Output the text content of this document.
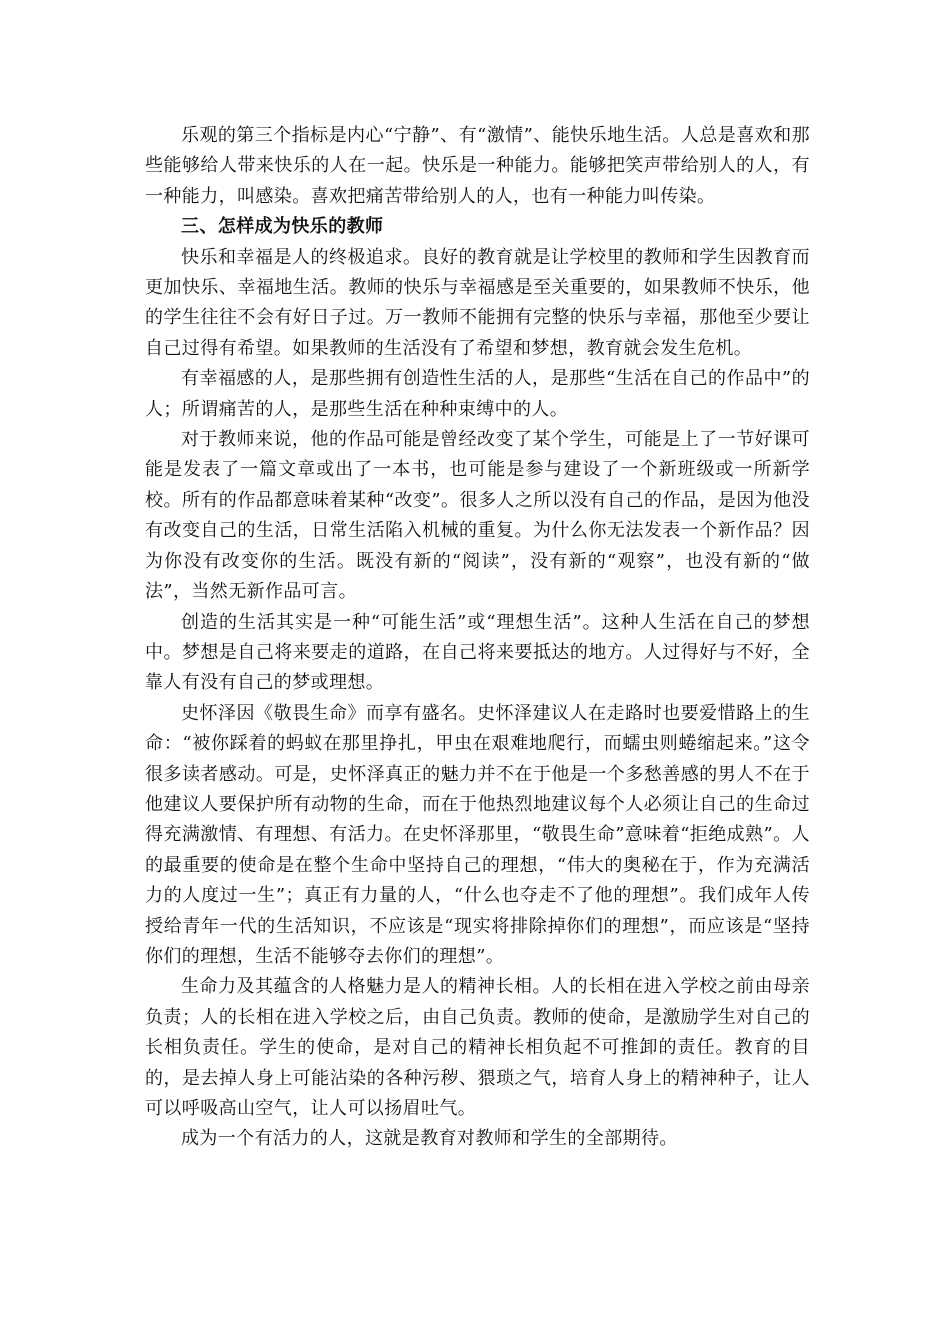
乐观的第三个指标是内心“宁静”、有“激情”、能快乐地生活。人总是喜欢和那些能够给人带来快乐的人在一起。快乐是一种能力。能够把笑声带给别人的人，有一种能力，叫感染。喜欢把痛苦带给别人的人，也有一种能力叫传染。

三、怎样成为快乐的教师

快乐和幸福是人的终极追求。良好的教育就是让学校里的教师和学生因教育而更加快乐、幸福地生活。教师的快乐与幸福感是至关重要的，如果教师不快乐，他的学生往往不会有好日子过。万一教师不能拥有完整的快乐与幸福，那他至少要让自己过得有希望。如果教师的生活没有了希望和梦想，教育就会发生危机。

有幸福感的人，是那些拥有创造性生活的人，是那些“生活在自己的作品中”的人；所谓痛苦的人，是那些生活在种种束缚中的人。

对于教师来说，他的作品可能是曾经改变了某个学生，可能是上了一节好课可能是发表了一篇文章或出了一本书，也可能是参与建设了一个新班级或一所新学校。所有的作品都意味着某种“改变”。很多人之所以没有自己的作品，是因为他没有改变自己的生活，日常生活陷入机械的重复。为什么你无法发表一个新作品？因为你没有改变你的生活。既没有新的“阅读”，没有新的“观察”，也没有新的“做法”，当然无新作品可言。

创造的生活其实是一种“可能生活”或“理想生活”。这种人生活在自己的梦想中。梦想是自己将来要走的道路，在自己将来要抵达的地方。人过得好与不好，全靠人有没有自己的梦或理想。

史怀泽因《敬畏生命》而享有盛名。史怀泽建议人在走路时也要爱惜路上的生命：“被你踩着的蚂蚁在那里挣扎，甲虫在艰难地爬行，而蠕虫则蜷缩起来。”这令很多读者感动。可是，史怀泽真正的魅力并不在于他是一个多愁善感的男人不在于他建议人要保护所有动物的生命，而在于他热烈地建议每个人必须让自己的生命过得充满激情、有理想、有活力。在史怀泽那里，“敬畏生命”意味着“拒绝成熟”。人的最重要的使命是在整个生命中坚持自己的理想，“伟大的奥秘在于，作为充满活力的人度过一生”；真正有力量的人，“什么也夺走不了他的理想”。我们成年人传授给青年一代的生活知识，不应该是“现实将排除掉你们的理想”，而应该是“坚持你们的理想，生活不能够夺去你们的理想”。

生命力及其蕴含的人格魅力是人的精神长相。人的长相在进入学校之前由母亲负责；人的长相在进入学校之后，由自己负责。教师的使命，是激励学生对自己的长相负责任。学生的使命，是对自己的精神长相负起不可推卸的责任。教育的目的，是去掉人身上可能沾染的各种污秽、猥琐之气，培育人身上的精神种子，让人可以呼吸高山空气，让人可以扬眉吐气。

成为一个有活力的人，这就是教育对教师和学生的全部期待。
